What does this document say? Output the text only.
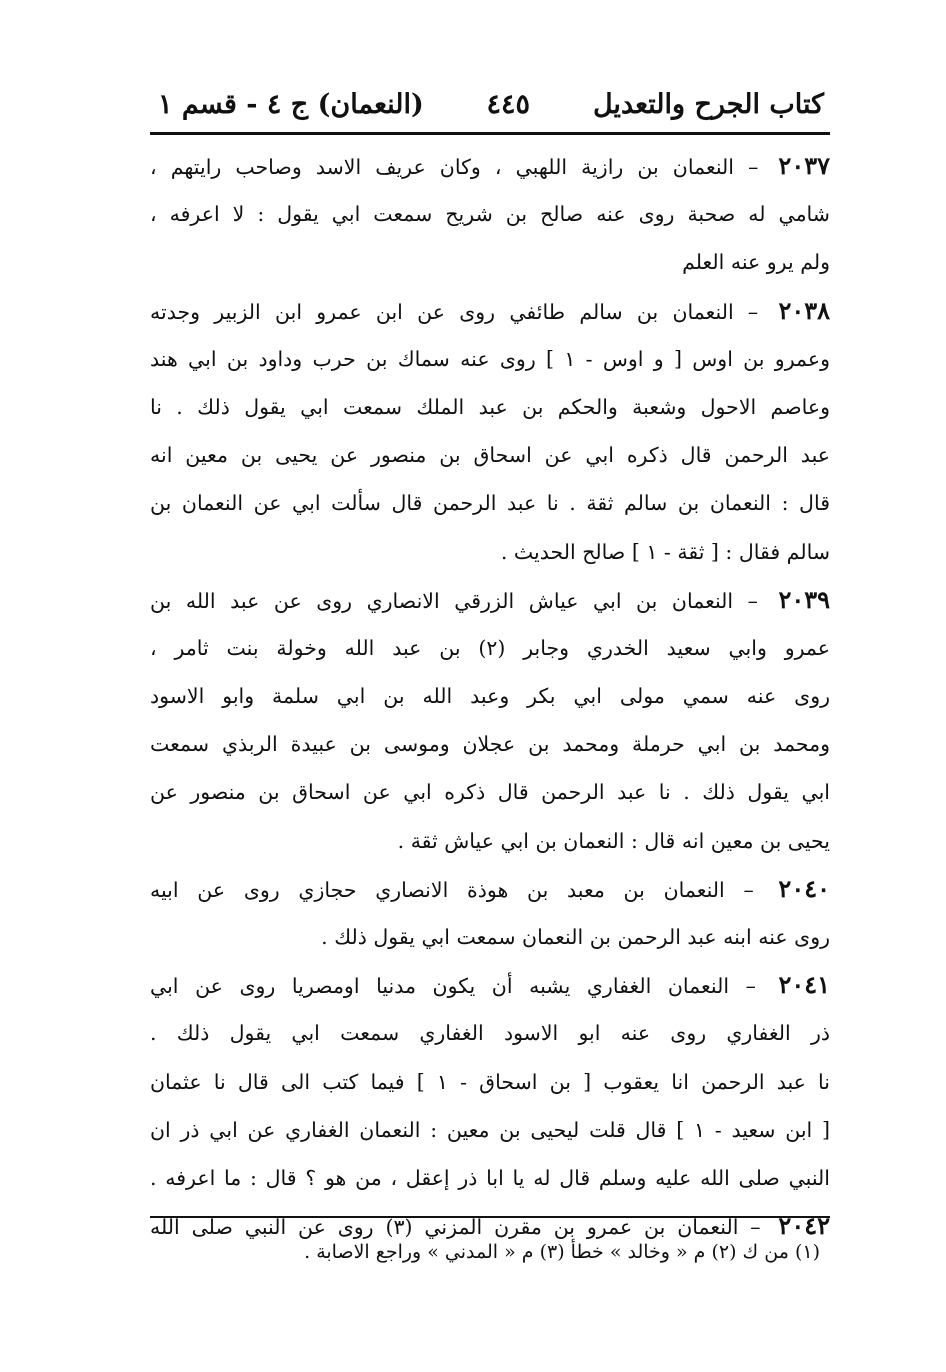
كتاب الجرح والتعديل
٤٤٥
(النعمان) ج ٤ - قسم ١
٢٠٣٧ – النعمان بن رازية اللهبي ، وكان عريف الاسد وصاحب رايتهم ،
شامي له صحبة روى عنه صالح بن شريح سمعت ابي يقول : لا اعرفه ،
ولم يرو عنه العلم
٢٠٣٨ – النعمان بن سالم طائفي روى عن ابن عمرو ابن الزبير وجدته
وعمرو بن اوس [ و اوس - ١ ] روى عنه سماك بن حرب وداود بن ابي هند
وعاصم الاحول وشعبة والحكم بن عبد الملك سمعت ابي يقول ذلك . نا
عبد الرحمن قال ذكره ابي عن اسحاق بن منصور عن يحيى بن معين انه
قال : النعمان بن سالم ثقة . نا عبد الرحمن قال سألت ابي عن النعمان بن
سالم فقال : [ ثقة - ١ ] صالح الحديث .
٢٠٣٩ – النعمان بن ابي عياش الزرقي الانصاري روى عن عبد الله بن
عمرو وابي سعيد الخدري وجابر (٢) بن عبد الله وخولة بنت ثامر ،
روى عنه سمي مولى ابي بكر وعبد الله بن ابي سلمة وابو الاسود
ومحمد بن ابي حرملة ومحمد بن عجلان وموسى بن عبيدة الربذي سمعت
ابي يقول ذلك . نا عبد الرحمن قال ذكره ابي عن اسحاق بن منصور عن
يحيى بن معين انه قال : النعمان بن ابي عياش ثقة .
٢٠٤٠ – النعمان بن معبد بن هوذة الانصاري حجازي روى عن ابيه
روى عنه ابنه عبد الرحمن بن النعمان سمعت ابي يقول ذلك .
٢٠٤١ – النعمان الغفاري يشبه أن يكون مدنيا اومصريا روى عن ابي
ذر الغفاري روى عنه ابو الاسود الغفاري سمعت ابي يقول ذلك .
نا عبد الرحمن انا يعقوب [ بن اسحاق - ١ ] فيما كتب الى قال نا عثمان
[ ابن سعيد - ١ ] قال قلت ليحيى بن معين : النعمان الغفاري عن ابي ذر ان
النبي صلى الله عليه وسلم قال له يا ابا ذر إعقل ، من هو ؟ قال : ما اعرفه .
٢٠٤٢ – النعمان بن عمرو بن مقرن المزني (٣) روى عن النبي صلى الله
(١) من ك (٢) م « وخالد » خطأ (٣) م « المدني » وراجع الاصابة .
